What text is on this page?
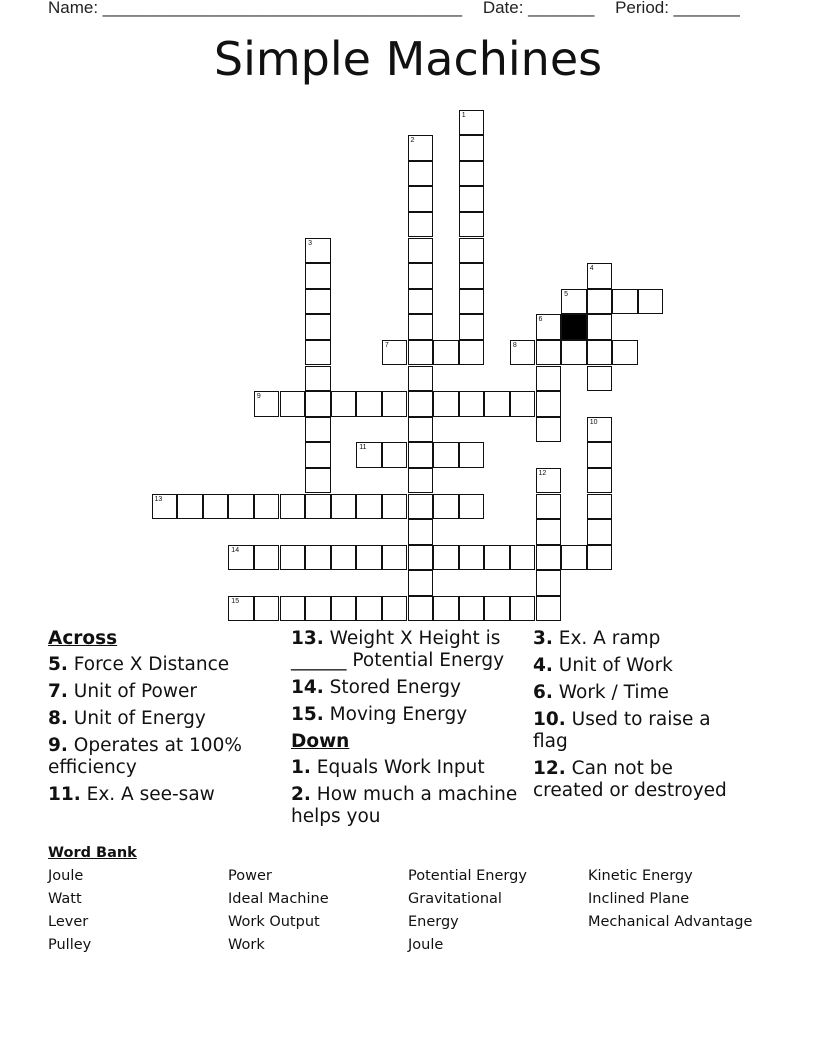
Name: ______________________________________ Date: _______ Period: _______
Simple Machines
5
7	8
9
11
13
14
15
1
2
3
4
6
10
12
Across
5. Force X Distance
7. Unit of Power
8. Unit of Energy
9. Operates at 100% efficiency
11. Ex. A see-saw
13. Weight X Height is ______ Potential Energy
14. Stored Energy
15. Moving Energy
Down
1. Equals Work Input
2. How much a machine helps you
3. Ex. A ramp
4. Unit of Work
6. Work / Time
10. Used to raise a flag
12. Can not be created or destroyed
Word Bank
Joule	Power	Potential Energy	Kinetic Energy
Watt	Ideal Machine	Gravitational	Inclined Plane
Lever	Work Output	Energy	Mechanical Advantage
Pulley	Work	Joule
